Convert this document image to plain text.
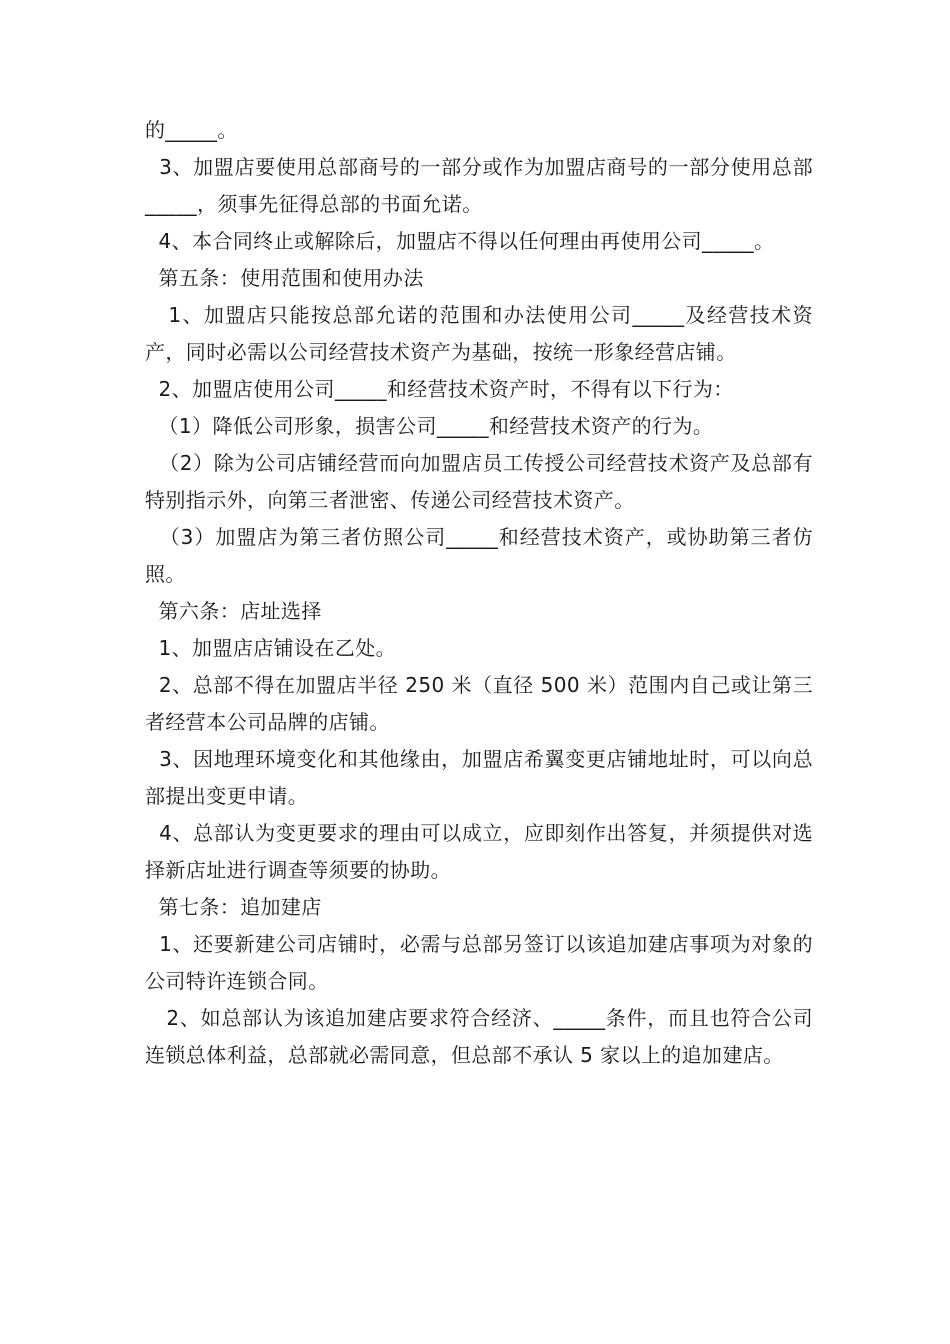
的_____。

3、加盟店要使用总部商号的一部分或作为加盟店商号的一部分使用总部_____，须事先征得总部的书面允诺。

4、本合同终止或解除后，加盟店不得以任何理由再使用公司_____。

第五条：使用范围和使用办法

1、加盟店只能按总部允诺的范围和办法使用公司_____及经营技术资产，同时必需以公司经营技术资产为基础，按统一形象经营店铺。

2、加盟店使用公司_____和经营技术资产时，不得有以下行为：

（1）降低公司形象，损害公司_____和经营技术资产的行为。

（2）除为公司店铺经营而向加盟店员工传授公司经营技术资产及总部有特别指示外，向第三者泄密、传递公司经营技术资产。

（3）加盟店为第三者仿照公司_____和经营技术资产，或协助第三者仿照。

第六条：店址选择

1、加盟店店铺设在乙处。

2、总部不得在加盟店半径 250 米（直径 500 米）范围内自己或让第三者经营本公司品牌的店铺。

3、因地理环境变化和其他缘由，加盟店希翼变更店铺地址时，可以向总部提出变更申请。

4、总部认为变更要求的理由可以成立，应即刻作出答复，并须提供对选择新店址进行调查等须要的协助。

第七条：追加建店

1、还要新建公司店铺时，必需与总部另签订以该追加建店事项为对象的公司特许连锁合同。

2、如总部认为该追加建店要求符合经济、_____条件，而且也符合公司连锁总体利益，总部就必需同意，但总部不承认 5 家以上的追加建店。
